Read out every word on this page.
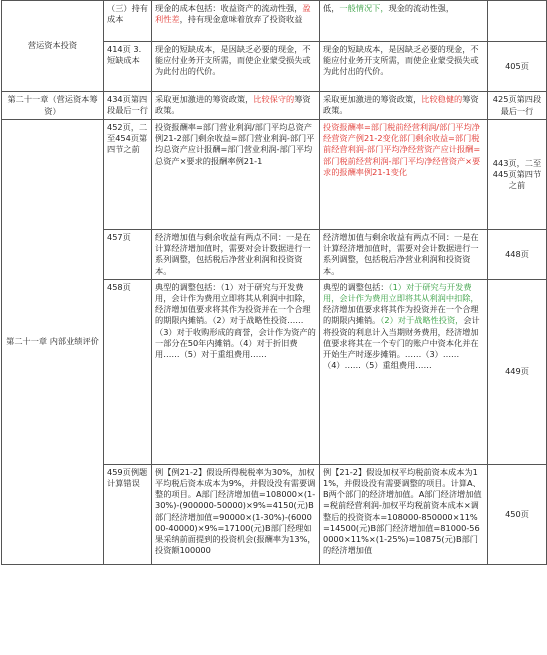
营运资本投资	（三）持有成本	现金的成本包括：收益资产的流动性强，盈利性差，持有现金意味着放弃了投资收益	低，一般情况下，现金的流动性强，	
	414页 3.短缺成本	现金的短缺成本，是因缺乏必要的现金，不能应付业务开支所需，而使企业蒙受损失或为此付出的代价。	现金的短缺成本，是因缺乏必要的现金，不能应付业务开支所需，而使企业蒙受损失或为此付出的代价。	405页
第二十一章（营运资本筹资）	434页第四段最后一行	采取更加激进的筹资政策，比较保守的筹资政策。	采取更加激进的筹资政策，比较稳健的筹资政策。	425页第四段最后一行
第二十一章 内部业绩评价	452页，二至454页第四节之前	投资报酬率=部门营业利润/部门平均总资产例21-2部门剩余收益=部门营业利润-部门平均总资产应计报酬=部门营业利润-部门平均总资产×要求的报酬率例21-1	投资报酬率=部门税前经营利润/部门平均净经营资产例21-2变化部门剩余收益=部门税前经营利润-部门平均净经营资产应计报酬=部门税前经营利润-部门平均净经营资产×要求的报酬率例21-1变化	443页，二至445页第四节之前
	457页	经济增加值与剩余收益有两点不同：一是在计算经济增加值时，需要对会计数据进行一系列调整，包括税后净营业利润和投资资本。	经济增加值与剩余收益有两点不同：一是在计算经济增加值时，需要对会计数据进行一系列调整，包括税后净营业利润和投资资本。	448页
	458页	典型的调整包括：（1）对于研究与开发费用，会计作为费用立即将其从利润中扣除，经济增加值要求将其作为投资并在一个合理的期限内摊销。（2）对于战略性投资……（3）对于收购形成的商誉，会计作为资产的一部分在50年内摊销。（4）对于折旧费用……（5）对于重组费用……	典型的调整包括：（1）对于研究与开发费用，会计作为费用立即将其从利润中扣除，经济增加值要求将其作为投资并在一个合理的期限内摊销。（2）对于战略性投资，会计将投资的利息计入当期财务费用，经济增加值要求将其在一个专门的账户中资本化并在开始生产时逐步摊销。……（3）……（4）……（5）重组费用……	449页
	459页例题计算错误	例【例21-2】假设所得税税率为30%，加权平均税后资本成本为9%，并假设没有需要调整的项目。A部门经济增加值=108000×(1-30%)-(900000-50000)×9%=4150(元)B部门经济增加值=90000×(1-30%)-(600000-40000)×9%=17100(元)B部门经理如果采纳前面提到的投资机会(报酬率为13%，投资额100000	例【21-2】假设加权平均税前资本成本为11%，并假设没有需要调整的项目。计算A、B两个部门的经济增加值。A部门经济增加值=税前经营利润-加权平均税前资本成本×调整后的投资资本=108000-850000×11%=14500(元)B部门经济增加值=81000-560000×11%×(1-25%)=10875(元)B部门的经济增加值	450页
